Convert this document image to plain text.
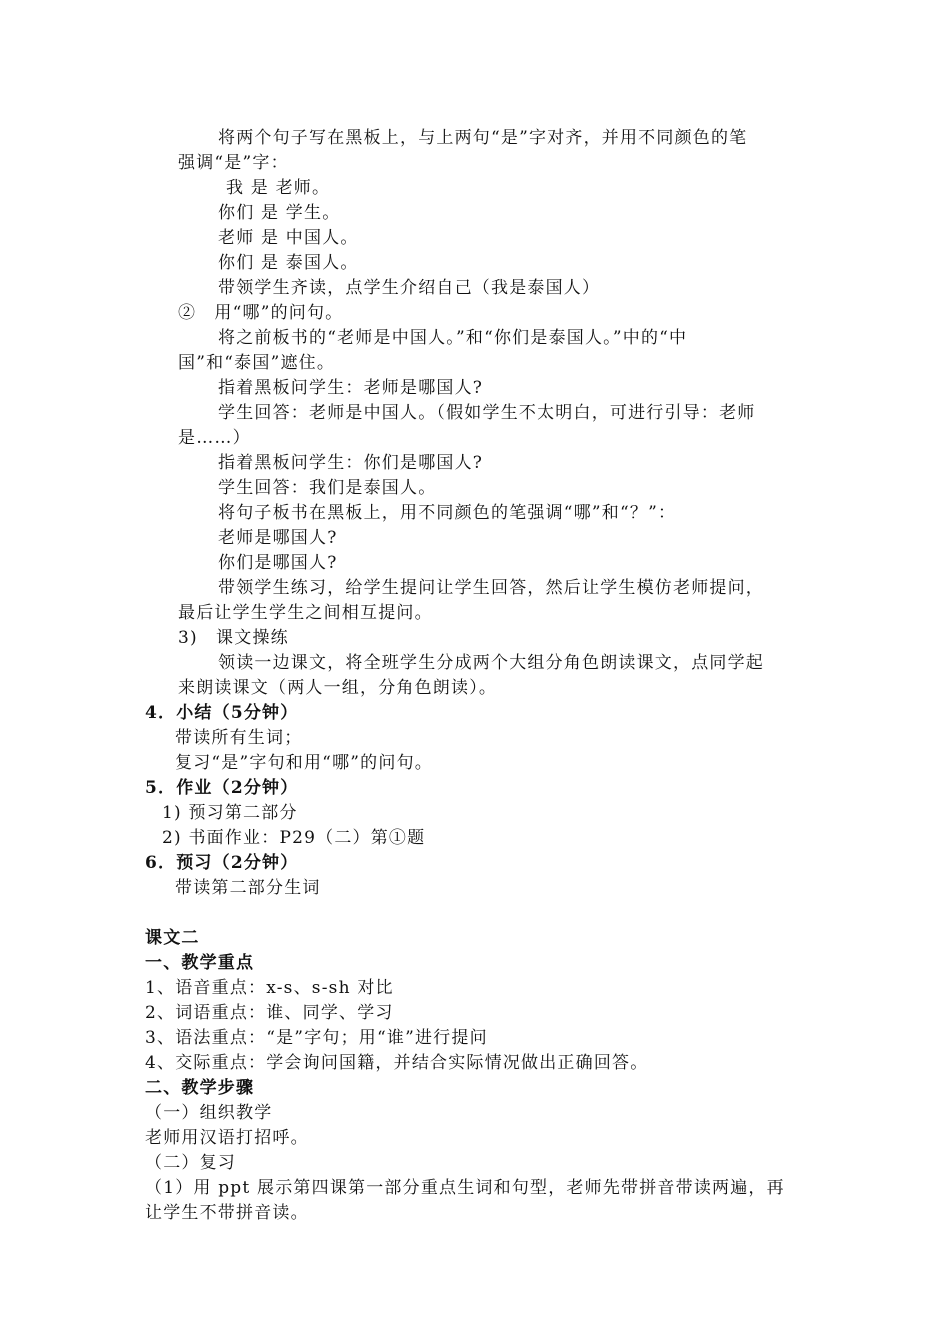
将两个句子写在黑板上，与上两句“是”字对齐，并用不同颜色的笔
强调“是”字：
我 是 老师。
你们 是 学生。
老师 是 中国人。
你们 是 泰国人。
带领学生齐读，点学生介绍自己（我是泰国人）
②　用“哪”的问句。
将之前板书的“老师是中国人。”和“你们是泰国人。”中的“中
国”和“泰国”遮住。
指着黑板问学生：老师是哪国人?
学生回答：老师是中国人。（假如学生不太明白，可进行引导：老师
是……）
指着黑板问学生：你们是哪国人?
学生回答：我们是泰国人。
将句子板书在黑板上，用不同颜色的笔强调“哪”和“？”：
老师是哪国人?
你们是哪国人?
带领学生练习，给学生提问让学生回答，然后让学生模仿老师提问，
最后让学生学生之间相互提问。
3)　课文操练
领读一边课文，将全班学生分成两个大组分角色朗读课文，点同学起
来朗读课文（两人一组，分角色朗读）。
4．小结（5分钟）
带读所有生词；
复习“是”字句和用“哪”的问句。
5．作业（2分钟）
1) 预习第二部分
2) 书面作业：P29（二）第①题
6．预习（2分钟）
带读第二部分生词
课文二
一、教学重点
1、语音重点：x-s、s-sh 对比
2、词语重点：谁、同学、学习
3、语法重点：“是”字句；用“谁”进行提问
4、交际重点：学会询问国籍，并结合实际情况做出正确回答。
二、教学步骤
（一）组织教学
老师用汉语打招呼。
（二）复习
（1）用 ppt 展示第四课第一部分重点生词和句型，老师先带拼音带读两遍，再
让学生不带拼音读。
